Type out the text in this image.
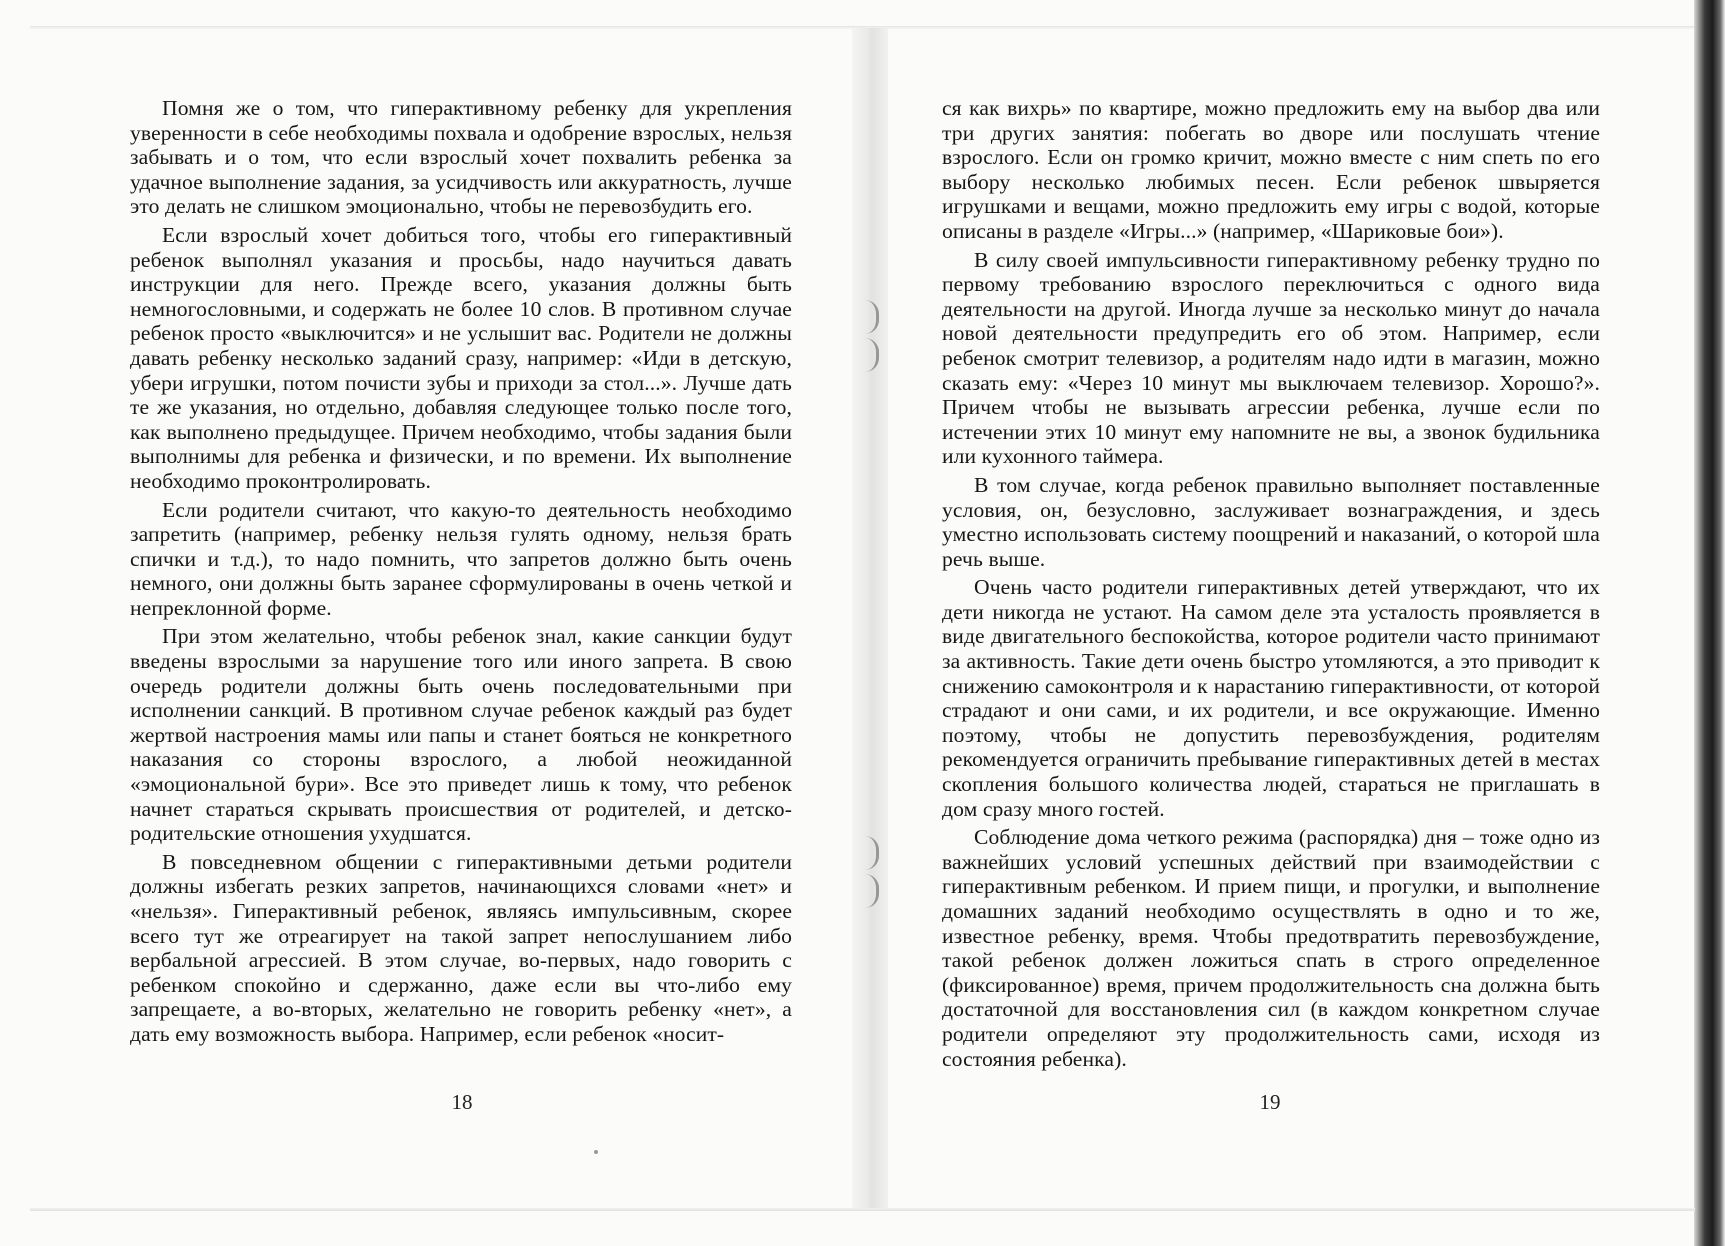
Помня же о том, что гиперактивному ребенку для укрепления уверенности в себе необходимы похвала и одобрение взрослых, нельзя забывать и о том, что если взрослый хочет похвалить ребенка за удачное выполнение задания, за усидчивость или аккуратность, лучше это делать не слишком эмоционально, чтобы не перевозбудить его.

Если взрослый хочет добиться того, чтобы его гиперактивный ребенок выполнял указания и просьбы, надо научиться давать инструкции для него. Прежде всего, указания должны быть немногословными, и содержать не более 10 слов. В противном случае ребенок просто «выключится» и не услышит вас. Родители не должны давать ребенку несколько заданий сразу, например: «Иди в детскую, убери игрушки, потом почисти зубы и приходи за стол...». Лучше дать те же указания, но отдельно, добавляя следующее только после того, как выполнено предыдущее. Причем необходимо, чтобы задания были выполнимы для ребенка и физически, и по времени. Их выполнение необходимо проконтролировать.

Если родители считают, что какую-то деятельность необходимо запретить (например, ребенку нельзя гулять одному, нельзя брать спички и т.д.), то надо помнить, что запретов должно быть очень немного, они должны быть заранее сформулированы в очень четкой и непреклонной форме.

При этом желательно, чтобы ребенок знал, какие санкции будут введены взрослыми за нарушение того или иного запрета. В свою очередь родители должны быть очень последовательными при исполнении санкций. В противном случае ребенок каждый раз будет жертвой настроения мамы или папы и станет бояться не конкретного наказания со стороны взрослого, а любой неожиданной «эмоциональной бури». Все это приведет лишь к тому, что ребенок начнет стараться скрывать происшествия от родителей, и детско-родительские отношения ухудшатся.

В повседневном общении с гиперактивными детьми родители должны избегать резких запретов, начинающихся словами «нет» и «нельзя». Гиперактивный ребенок, являясь импульсивным, скорее всего тут же отреагирует на такой запрет непослушанием либо вербальной агрессией. В этом случае, во-первых, надо говорить с ребенком спокойно и сдержанно, даже если вы что-либо ему запрещаете, а во-вторых, желательно не говорить ребенку «нет», а дать ему возможность выбора. Например, если ребенок «носит-

ся как вихрь» по квартире, можно предложить ему на выбор два или три других занятия: побегать во дворе или послушать чтение взрослого. Если он громко кричит, можно вместе с ним спеть по его выбору несколько любимых песен. Если ребенок швыряется игрушками и вещами, можно предложить ему игры с водой, которые описаны в разделе «Игры...» (например, «Шариковые бои»).

В силу своей импульсивности гиперактивному ребенку трудно по первому требованию взрослого переключиться с одного вида деятельности на другой. Иногда лучше за несколько минут до начала новой деятельности предупредить его об этом. Например, если ребенок смотрит телевизор, а родителям надо идти в магазин, можно сказать ему: «Через 10 минут мы выключаем телевизор. Хорошо?». Причем чтобы не вызывать агрессии ребенка, лучше если по истечении этих 10 минут ему напомните не вы, а звонок будильника или кухонного таймера.

В том случае, когда ребенок правильно выполняет поставленные условия, он, безусловно, заслуживает вознаграждения, и здесь уместно использовать систему поощрений и наказаний, о которой шла речь выше.

Очень часто родители гиперактивных детей утверждают, что их дети никогда не устают. На самом деле эта усталость проявляется в виде двигательного беспокойства, которое родители часто принимают за активность. Такие дети очень быстро утомляются, а это приводит к снижению самоконтроля и к нарастанию гиперактивности, от которой страдают и они сами, и их родители, и все окружающие. Именно поэтому, чтобы не допустить перевозбуждения, родителям рекомендуется ограничить пребывание гиперактивных детей в местах скопления большого количества людей, стараться не приглашать в дом сразу много гостей.

Соблюдение дома четкого режима (распорядка) дня – тоже одно из важнейших условий успешных действий при взаимодействии с гиперактивным ребенком. И прием пищи, и прогулки, и выполнение домашних заданий необходимо осуществлять в одно и то же, известное ребенку, время. Чтобы предотвратить перевозбуждение, такой ребенок должен ложиться спать в строго определенное (фиксированное) время, причем продолжительность сна должна быть достаточной для восстановления сил (в каждом конкретном случае родители определяют эту продолжительность сами, исходя из состояния ребенка).

18	19
